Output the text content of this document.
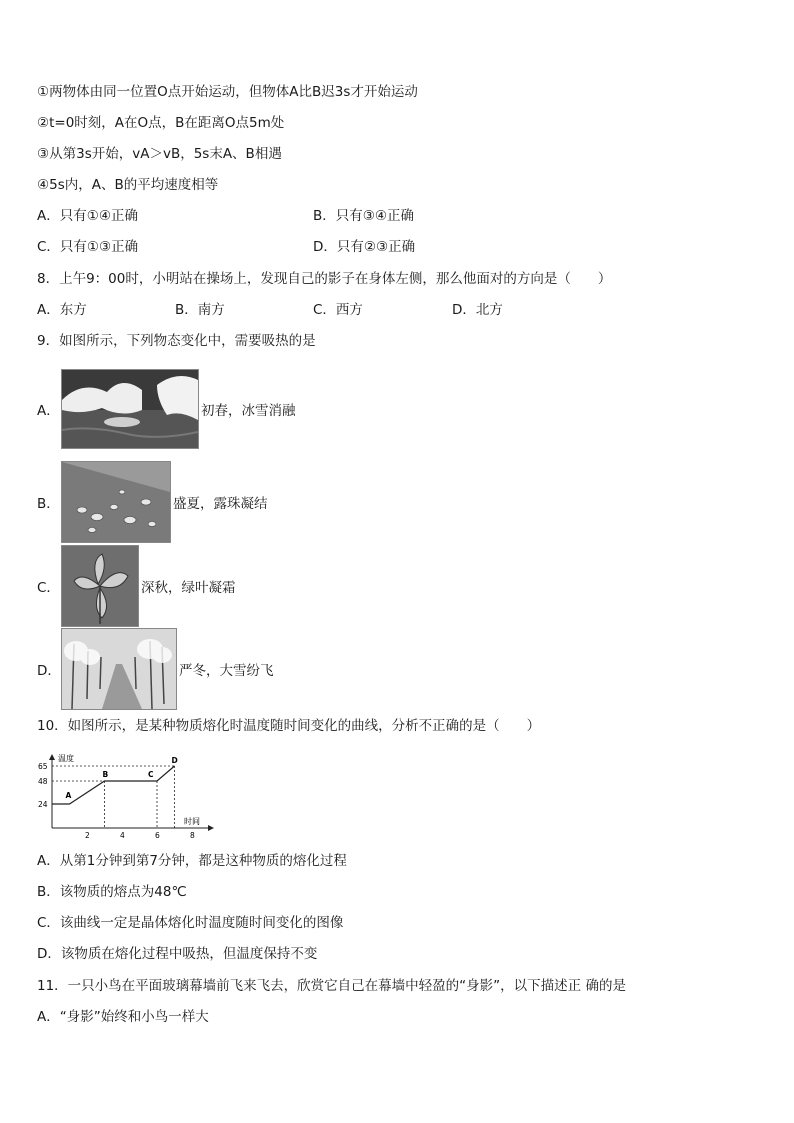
①两物体由同一位置O点开始运动，但物体A比B迟3s才开始运动
②t=0时刻，A在O点，B在距离O点5m处
③从第3s开始，vA＞vB，5s末A、B相遇
④5s内，A、B的平均速度相等
A．只有①④正确	B．只有③④正确
C．只有①③正确	D．只有②③正确
8．上午9：00时，小明站在操场上，发现自己的影子在身体左侧，那么他面对的方向是（　　）
A．东方	B．南方	C．西方	D．北方
9．如图所示，下列物态变化中，需要吸热的是
A．	初春，冰雪消融
B．	盛夏，露珠凝结
C．	深秋，绿叶凝霜
D．	严冬，大雪纷飞
10．如图所示，是某种物质熔化时温度随时间变化的曲线，分析不正确的是（　　）
温度
时间
2	4	6	8
24
48
65
A
B	C
D
A．从第1分钟到第7分钟，都是这种物质的熔化过程
B．该物质的熔点为48℃
C．该曲线一定是晶体熔化时温度随时间变化的图像
D．该物质在熔化过程中吸热，但温度保持不变
11．一只小鸟在平面玻璃幕墙前飞来飞去，欣赏它自己在幕墙中轻盈的“身影”，以下描述正 确的是
A．“身影”始终和小鸟一样大
